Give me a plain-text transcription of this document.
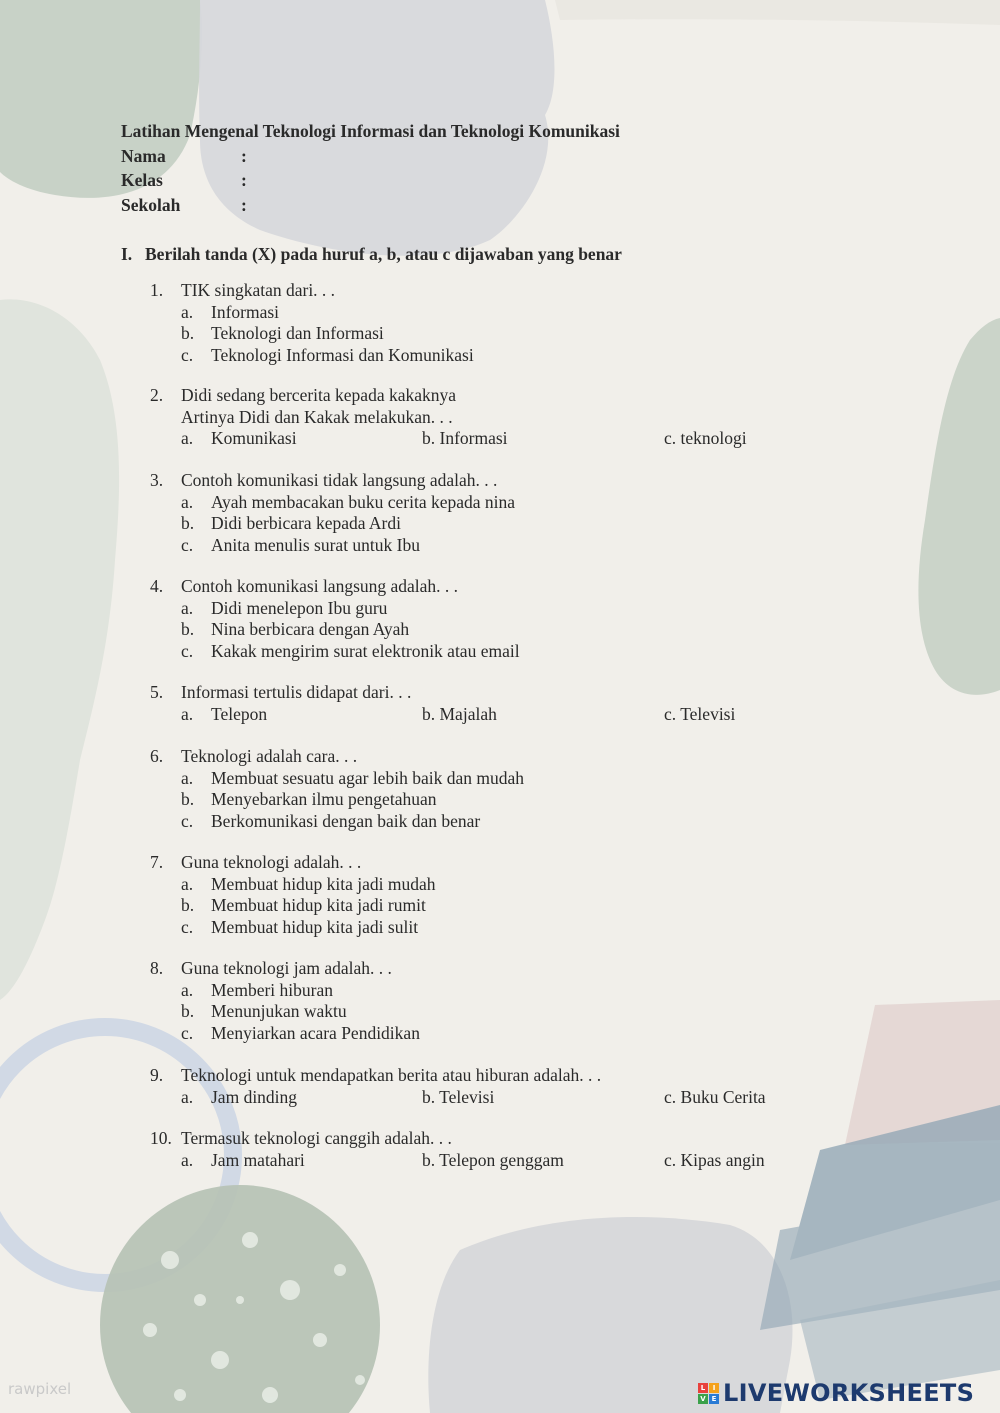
Latihan Mengenal Teknologi Informasi dan Teknologi Komunikasi
Nama	:
Kelas	:
Sekolah	:
I. Berilah tanda (X) pada huruf a, b, atau c dijawaban yang benar
1. TIK singkatan dari. . .
a. Informasi
b. Teknologi dan Informasi
c. Teknologi Informasi dan Komunikasi
2. Didi sedang bercerita kepada kakaknya
Artinya Didi dan Kakak melakukan. . .
a. Komunikasi	b. Informasi	c. teknologi
3. Contoh komunikasi tidak langsung adalah. . .
a. Ayah membacakan buku cerita kepada nina
b. Didi berbicara kepada Ardi
c. Anita menulis surat untuk Ibu
4. Contoh komunikasi langsung adalah. . .
a. Didi menelepon Ibu guru
b. Nina berbicara dengan Ayah
c. Kakak mengirim surat elektronik atau email
5. Informasi tertulis didapat dari. . .
a. Telepon	b. Majalah	c. Televisi
6. Teknologi adalah cara. . .
a. Membuat sesuatu agar lebih baik dan mudah
b. Menyebarkan ilmu pengetahuan
c. Berkomunikasi dengan baik dan benar
7. Guna teknologi adalah. . .
a. Membuat hidup kita jadi mudah
b. Membuat hidup kita jadi rumit
c. Membuat hidup kita jadi sulit
8. Guna teknologi jam adalah. . .
a. Memberi hiburan
b. Menunjukan waktu
c. Menyiarkan acara Pendidikan
9. Teknologi untuk mendapatkan berita atau hiburan adalah. . .
a. Jam dinding	b. Televisi	c. Buku Cerita
10. Termasuk teknologi canggih adalah. . .
a. Jam matahari	b. Telepon genggam	c. Kipas angin
rawpixel	L	I
V E LIVEWORKSHEETS
